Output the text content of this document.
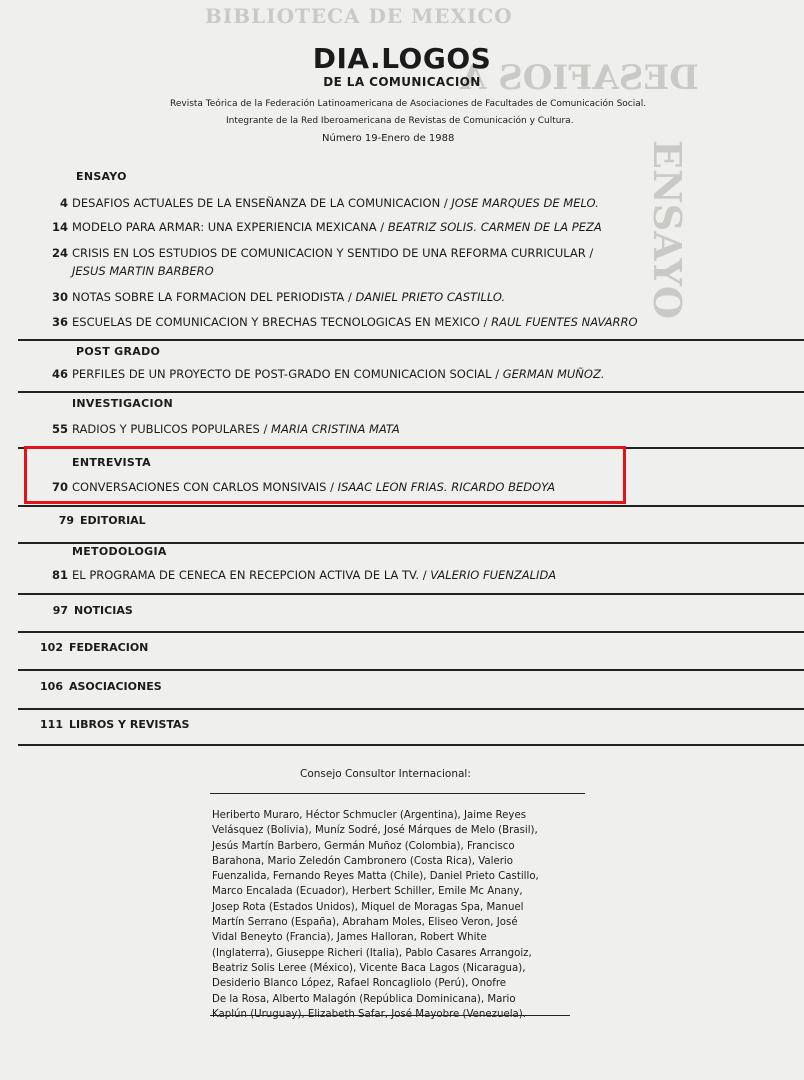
BIBLIOTECA DE MEXICO
DESAFIOS A
ENSAYO
DIA.LOGOS
DE LA COMUNICACION
Revista Teórica de la Federación Latinoamericana de Asociaciones de Facultades de Comunicación Social.
Integrante de la Red Iberoamericana de Revistas de Comunicación y Cultura.
Número 19-Enero de 1988
ENSAYO
4 DESAFIOS ACTUALES DE LA ENSEÑANZA DE LA COMUNICACION / JOSE MARQUES DE MELO.
14 MODELO PARA ARMAR: UNA EXPERIENCIA MEXICANA / BEATRIZ SOLIS. CARMEN DE LA PEZA
24 CRISIS EN LOS ESTUDIOS DE COMUNICACION Y SENTIDO DE UNA REFORMA CURRICULAR /
JESUS MARTIN BARBERO
30 NOTAS SOBRE LA FORMACION DEL PERIODISTA / DANIEL PRIETO CASTILLO.
36 ESCUELAS DE COMUNICACION Y BRECHAS TECNOLOGICAS EN MEXICO / RAUL FUENTES NAVARRO
POST GRADO
46 PERFILES DE UN PROYECTO DE POST-GRADO EN COMUNICACION SOCIAL / GERMAN MUÑOZ.
INVESTIGACION
55 RADIOS Y PUBLICOS POPULARES / MARIA CRISTINA MATA
ENTREVISTA
70 CONVERSACIONES CON CARLOS MONSIVAIS / ISAAC LEON FRIAS. RICARDO BEDOYA
79 EDITORIAL
METODOLOGIA
81 EL PROGRAMA DE CENECA EN RECEPCION ACTIVA DE LA TV. / VALERIO FUENZALIDA
97 NOTICIAS
102 FEDERACION
106 ASOCIACIONES
111 LIBROS Y REVISTAS
Consejo Consultor Internacional:
Heriberto Muraro, Héctor Schmucler (Argentina), Jaime Reyes
Velásquez (Bolivia), Muníz Sodré, José Márques de Melo (Brasil),
Jesús Martín Barbero, Germán Muñoz (Colombia), Francisco
Barahona, Mario Zeledón Cambronero (Costa Rica), Valerio
Fuenzalida, Fernando Reyes Matta (Chile), Daniel Prieto Castillo,
Marco Encalada (Ecuador), Herbert Schiller, Emile Mc Anany,
Josep Rota (Estados Unidos), Miquel de Moragas Spa, Manuel
Martín Serrano (España), Abraham Moles, Eliseo Veron, José
Vidal Beneyto (Francia), James Halloran, Robert White
(Inglaterra), Giuseppe Richeri (Italia), Pablo Casares Arrangoiz,
Beatriz Solis Leree (México), Vicente Baca Lagos (Nicaragua),
Desiderio Blanco López, Rafael Roncagliolo (Perú), Onofre
De la Rosa, Alberto Malagón (República Dominicana), Mario
